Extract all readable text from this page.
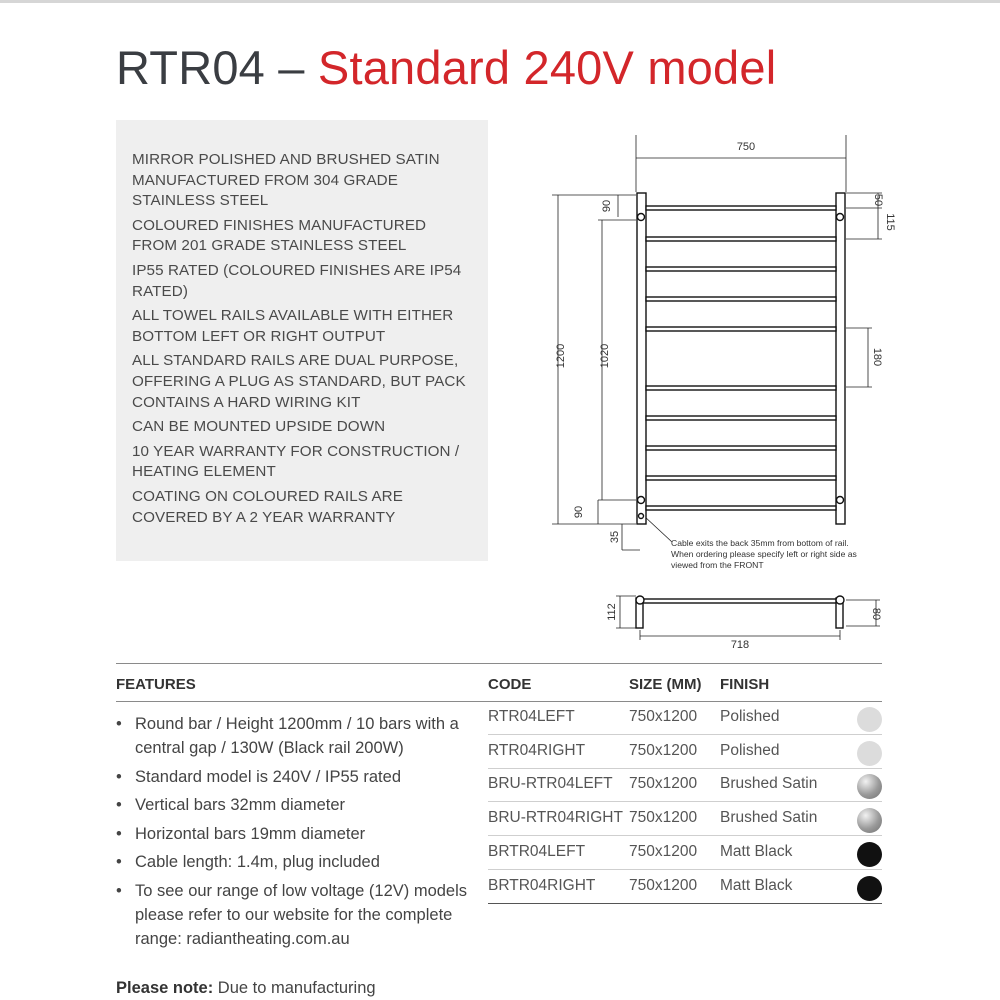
RTR04 – Standard 240V model
MIRROR POLISHED AND BRUSHED SATIN MANUFACTURED FROM 304 GRADE STAINLESS STEEL
COLOURED FINISHES MANUFACTURED FROM 201 GRADE STAINLESS STEEL
IP55 RATED (COLOURED FINISHES ARE IP54 RATED)
ALL TOWEL RAILS AVAILABLE WITH EITHER BOTTOM LEFT OR RIGHT OUTPUT
ALL STANDARD RAILS ARE DUAL PURPOSE, OFFERING A PLUG AS STANDARD, BUT PACK CONTAINS A HARD WIRING KIT
CAN BE MOUNTED UPSIDE DOWN
10 YEAR WARRANTY FOR CONSTRUCTION / HEATING ELEMENT
COATING ON COLOURED RAILS ARE COVERED BY A 2 YEAR WARRANTY
750
1200	1020
90
90
35
50
115
180
112	80
718
Cable exits the back 35mm from bottom of rail.
When ordering please specify left or right side as
viewed from the FRONT
FEATURES
• Round bar / Height 1200mm / 10 bars with a central gap / 130W (Black rail 200W)
• Standard model is 240V / IP55 rated
• Vertical bars 32mm diameter
• Horizontal bars 19mm diameter
• Cable length: 1.4m, plug included
• To see our range of low voltage (12V) models please refer to our website for the complete range: radiantheating.com.au
Please note: Due to manufacturing
CODE	SIZE (MM) FINISH
RTR04LEFT	750x1200 Polished
RTR04RIGHT	750x1200 Polished
BRU-RTR04LEFT 750x1200 Brushed Satin
BRU-RTR04RIGHT 750x1200 Brushed Satin
BRTR04LEFT	750x1200 Matt Black
BRTR04RIGHT 750x1200 Matt Black
